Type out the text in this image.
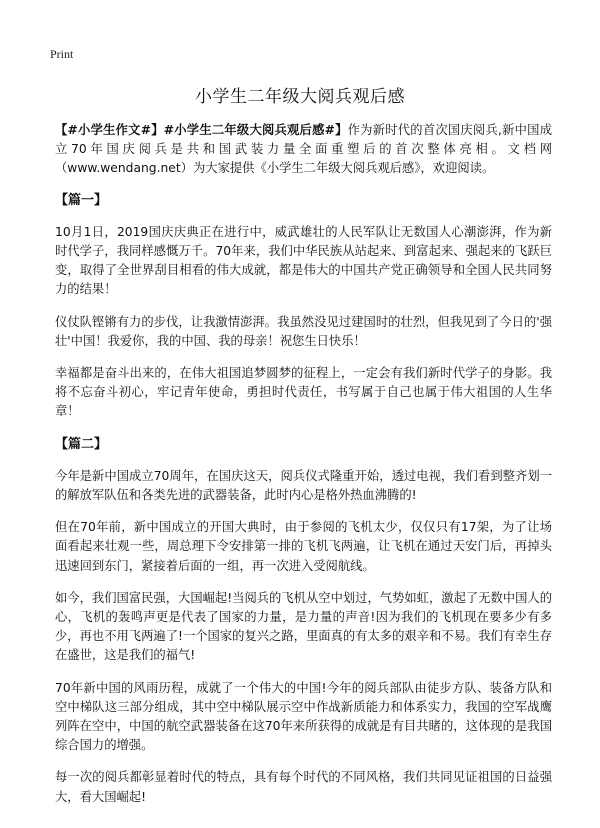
Print
小学生二年级大阅兵观后感

【#小学生作文#】#小学生二年级大阅兵观后感#】作为新时代的首次国庆阅兵,新中国成立70年国庆阅兵是共和国武装力量全面重塑后的首次整体亮相。文档网（www.wendang.net）为大家提供《小学生二年级大阅兵观后感》，欢迎阅读。

【篇一】

10月1日，2019国庆庆典正在进行中，威武雄壮的人民军队让无数国人心潮澎湃，作为新时代学子，我同样感慨万千。70年来，我们中华民族从站起来、到富起来、强起来的飞跃巨变，取得了全世界刮目相看的伟大成就，都是伟大的中国共产党正确领导和全国人民共同努力的结果！

仪仗队铿锵有力的步伐，让我激情澎湃。我虽然没见过建国时的壮烈，但我见到了今日的'强壮'中国！我爱你，我的中国、我的母亲！祝您生日快乐！

幸福都是奋斗出来的，在伟大祖国追梦圆梦的征程上，一定会有我们新时代学子的身影。我将不忘奋斗初心，牢记青年使命，勇担时代责任，书写属于自己也属于伟大祖国的人生华章！

【篇二】

今年是新中国成立70周年，在国庆这天，阅兵仪式隆重开始，透过电视，我们看到整齐划一的解放军队伍和各类先进的武器装备，此时内心是格外热血沸腾的!

但在70年前，新中国成立的开国大典时，由于参阅的飞机太少，仅仅只有17架，为了让场面看起来壮观一些，周总理下令安排第一排的飞机飞两遍，让飞机在通过天安门后，再掉头迅速回到东门，紧接着后面的一组，再一次进入受阅航线。

如今，我们国富民强，大国崛起!当阅兵的飞机从空中划过，气势如虹，激起了无数中国人的心，飞机的轰鸣声更是代表了国家的力量，是力量的声音!因为我们的飞机现在要多少有多少，再也不用飞两遍了!一个国家的复兴之路，里面真的有太多的艰辛和不易。我们有幸生存在盛世，这是我们的福气!

70年新中国的风雨历程，成就了一个伟大的中国!今年的阅兵部队由徒步方队、装备方队和空中梯队这三部分组成，其中空中梯队展示空中作战新质能力和体系实力，我国的空军战鹰列阵在空中，中国的航空武器装备在这70年来所获得的成就是有目共睹的，这体现的是我国综合国力的增强。

每一次的阅兵都彰显着时代的特点，具有每个时代的不同风格，我们共同见证祖国的日益强大，看大国崛起!
